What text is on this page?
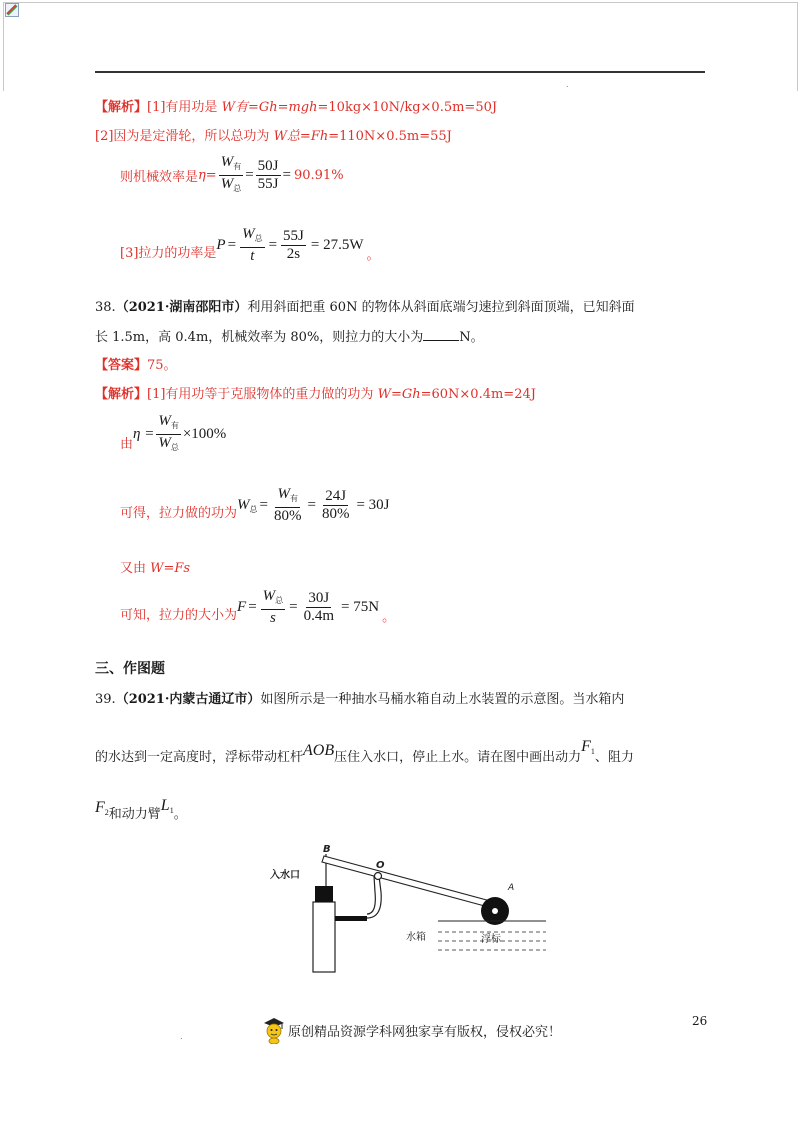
.
【解析】[1]有用功是 W有=Gh=mgh=10kg×10N/kg×0.5m=50J
[2]因为是定滑轮，所以总功为 W总=Fh=110N×0.5m=55J
则机械效率是 $\eta= \frac{W_有}{W_总} = \frac{50J}{55J} = 90.91\%$
[3]拉力的功率是
$P = \frac{W_总}{t} = \frac{55J}{2s} = 27.5W$
。
38.（2021·湖南邵阳市）利用斜面把重 60N 的物体从斜面底端匀速拉到斜面顶端，已知斜面
长 1.5m，高 0.4m，机械效率为 80%，则拉力的大小为	N。
【答案】75。
【解析】[1]有用功等于克服物体的重力做的功为 W=Gh=60N×0.4m=24J
由
$\eta = \frac{W_有}{W_总} \times 100\%$
可得，拉力做的功为
$W_总 = \frac{W_有}{80\%} = \frac{24J}{80\%} = 30J$
又由 W=Fs
可知，拉力的大小为
$F = \frac{W_总}{s} = \frac{30J}{0.4m} = 75N$
。
三、作图题
39.（2021·内蒙古通辽市）如图所示是一种抽水马桶水箱自动上水装置的示意图。当水箱内
的水达到一定高度时，浮标带动杠杆AOB压住入水口，停止上水。请在图中画出动力$F_1$、阻力
$F_2$和动力臂$L_1$。
B
O
A
入水口
水箱	浮标
26
.	原创精品资源学科网独家享有版权，侵权必究！
